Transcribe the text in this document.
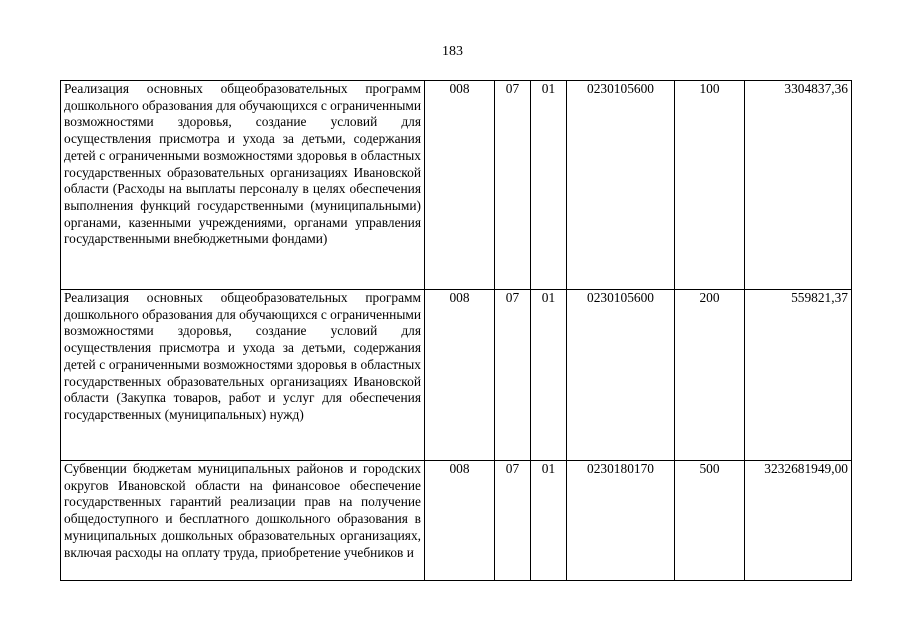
183
Реализация основных общеобразовательных программ дошкольного образования для обучающихся с ограниченными возможностями здоровья, создание условий для осуществления присмотра и ухода за детьми, содержания детей с ограниченными возможностями здоровья в областных государственных образовательных организациях Ивановской области (Расходы на выплаты персоналу в целях обеспечения выполнения функций государственными (муниципальными) органами, казенными учреждениями, органами управления государственными внебюджетными фондами)	008	07	01	0230105600	100	3304837,36
Реализация основных общеобразовательных программ дошкольного образования для обучающихся с ограниченными возможностями здоровья, создание условий для осуществления присмотра и ухода за детьми, содержания детей с ограниченными возможностями здоровья в областных государственных образовательных организациях Ивановской области (Закупка товаров, работ и услуг для обеспечения государственных (муниципальных) нужд)	008	07	01	0230105600	200	559821,37
Субвенции бюджетам муниципальных районов и городских округов Ивановской области на финансовое обеспечение государственных гарантий реализации прав на получение общедоступного и бесплатного дошкольного образования в муниципальных дошкольных образовательных организациях, включая расходы на оплату труда, приобретение учебников и	008	07	01	0230180170	500	3232681949,00
